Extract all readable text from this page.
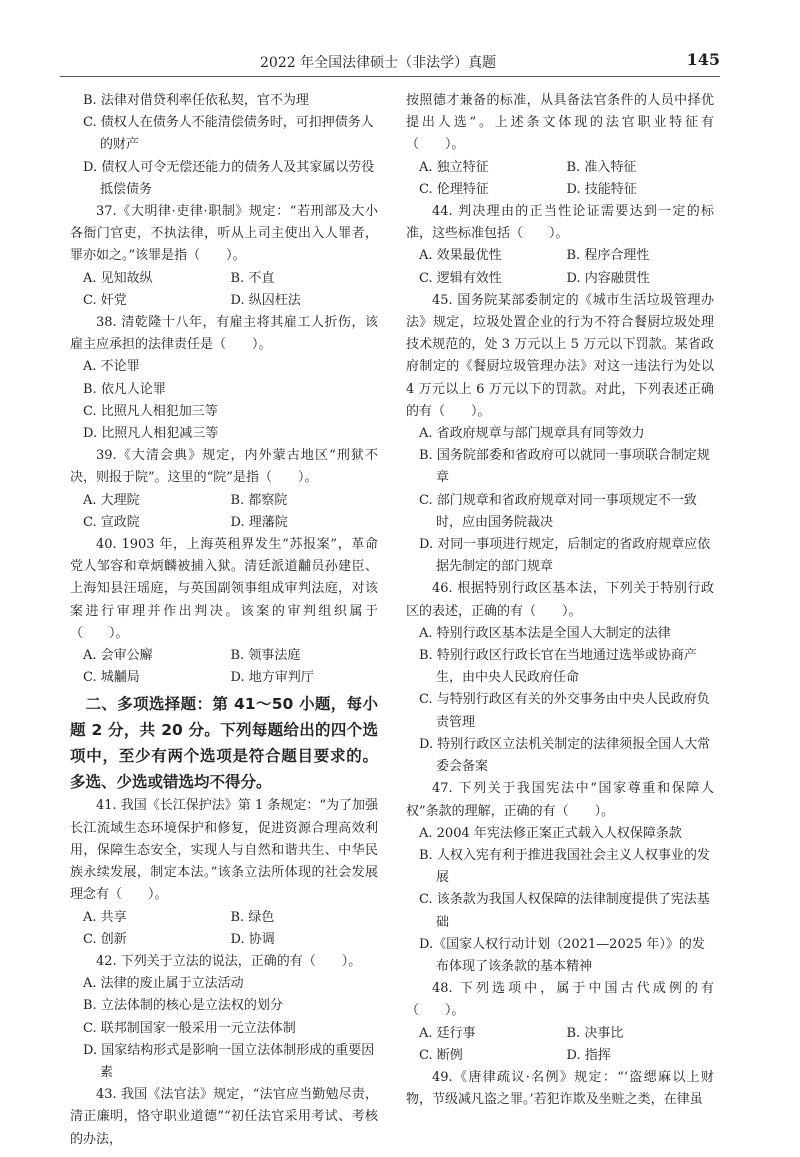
2022 年全国法律硕士（非法学）真题	145

B. 法律对借贷利率任依私契，官不为理

C. 债权人在债务人不能清偿债务时，可扣押债务人的财产

D. 债权人可令无偿还能力的债务人及其家属以劳役抵偿债务

37.《大明律·吏律·职制》规定：“若刑部及大小各衙门官吏，不执法律，听从上司主使出入人罪者，罪亦如之。”该罪是指（　　）。

A. 见知故纵	B. 不直
C. 奸党	D. 纵囚枉法

38. 清乾隆十八年，有雇主将其雇工人折伤，该雇主应承担的法律责任是（　　）。

A. 不论罪

B. 依凡人论罪

C. 比照凡人相犯加三等

D. 比照凡人相犯减三等

39.《大清会典》规定，内外蒙古地区“刑狱不决，则报于院”。这里的“院”是指（　　）。

A. 大理院	B. 都察院
C. 宣政院	D. 理藩院

40. 1903 年，上海英租界发生“苏报案”，革命党人邹容和章炳麟被捕入狱。清廷派道黼员孙建臣、上海知县汪瑶庭，与英国副领事组成审判法庭，对该案进行审理并作出判决。该案的审判组织属于（　　）。

A. 会审公廨	B. 领事法庭
C. 城黼局	D. 地方审判厅

二、多项选择题：第 41～50 小题，每小题 2 分，共 20 分。下列每题给出的四个选项中，至少有两个选项是符合题目要求的。多选、少选或错选均不得分。

41. 我国《长江保护法》第 1 条规定：“为了加强长江流域生态环境保护和修复，促进资源合理高效利用，保障生态安全，实现人与自然和谐共生、中华民族永续发展，制定本法。”该条立法所体现的社会发展理念有（　　）。

A. 共享	B. 绿色
C. 创新	D. 协调

42. 下列关于立法的说法，正确的有（　　）。

A. 法律的废止属于立法活动

B. 立法体制的核心是立法权的划分

C. 联邦制国家一般采用一元立法体制

D. 国家结构形式是影响一国立法体制形成的重要因素

43. 我国《法官法》规定，“法官应当勤勉尽责，清正廉明，恪守职业道德”“初任法官采用考试、考核的办法，

按照德才兼备的标准，从具备法官条件的人员中择优提出人选”。上述条文体现的法官职业特征有（　　）。

A. 独立特征	B. 准入特征
C. 伦理特征	D. 技能特征

44. 判决理由的正当性论证需要达到一定的标准，这些标准包括（　　）。

A. 效果最优性	B. 程序合理性
C. 逻辑有效性	D. 内容融贯性

45. 国务院某部委制定的《城市生活垃圾管理办法》规定，垃圾处置企业的行为不符合餐厨垃圾处理技术规范的，处 3 万元以上 5 万元以下罚款。某省政府制定的《餐厨垃圾管理办法》对这一违法行为处以 4 万元以上 6 万元以下的罚款。对此，下列表述正确的有（　　）。

A. 省政府规章与部门规章具有同等效力

B. 国务院部委和省政府可以就同一事项联合制定规章

C. 部门规章和省政府规章对同一事项规定不一致时，应由国务院裁决

D. 对同一事项进行规定，后制定的省政府规章应依据先制定的部门规章

46. 根据特别行政区基本法，下列关于特别行政区的表述，正确的有（　　）。

A. 特别行政区基本法是全国人大制定的法律

B. 特别行政区行政长官在当地通过选举或协商产生，由中央人民政府任命

C. 与特别行政区有关的外交事务由中央人民政府负责管理

D. 特别行政区立法机关制定的法律须报全国人大常委会备案

47. 下列关于我国宪法中“国家尊重和保障人权”条款的理解，正确的有（　　）。

A. 2004 年宪法修正案正式载入人权保障条款

B. 人权入宪有利于推进我国社会主义人权事业的发展

C. 该条款为我国人权保障的法律制度提供了宪法基础

D.《国家人权行动计划（2021—2025 年）》的发布体现了该条款的基本精神

48. 下列选项中，属于中国古代成例的有（　　）。

A. 廷行事	B. 决事比
C. 断例	D. 指挥

49.《唐律疏议·名例》规定：“‘盗缌麻以上财物，节级减凡盗之罪。’若犯诈欺及坐赃之类，在律虽
